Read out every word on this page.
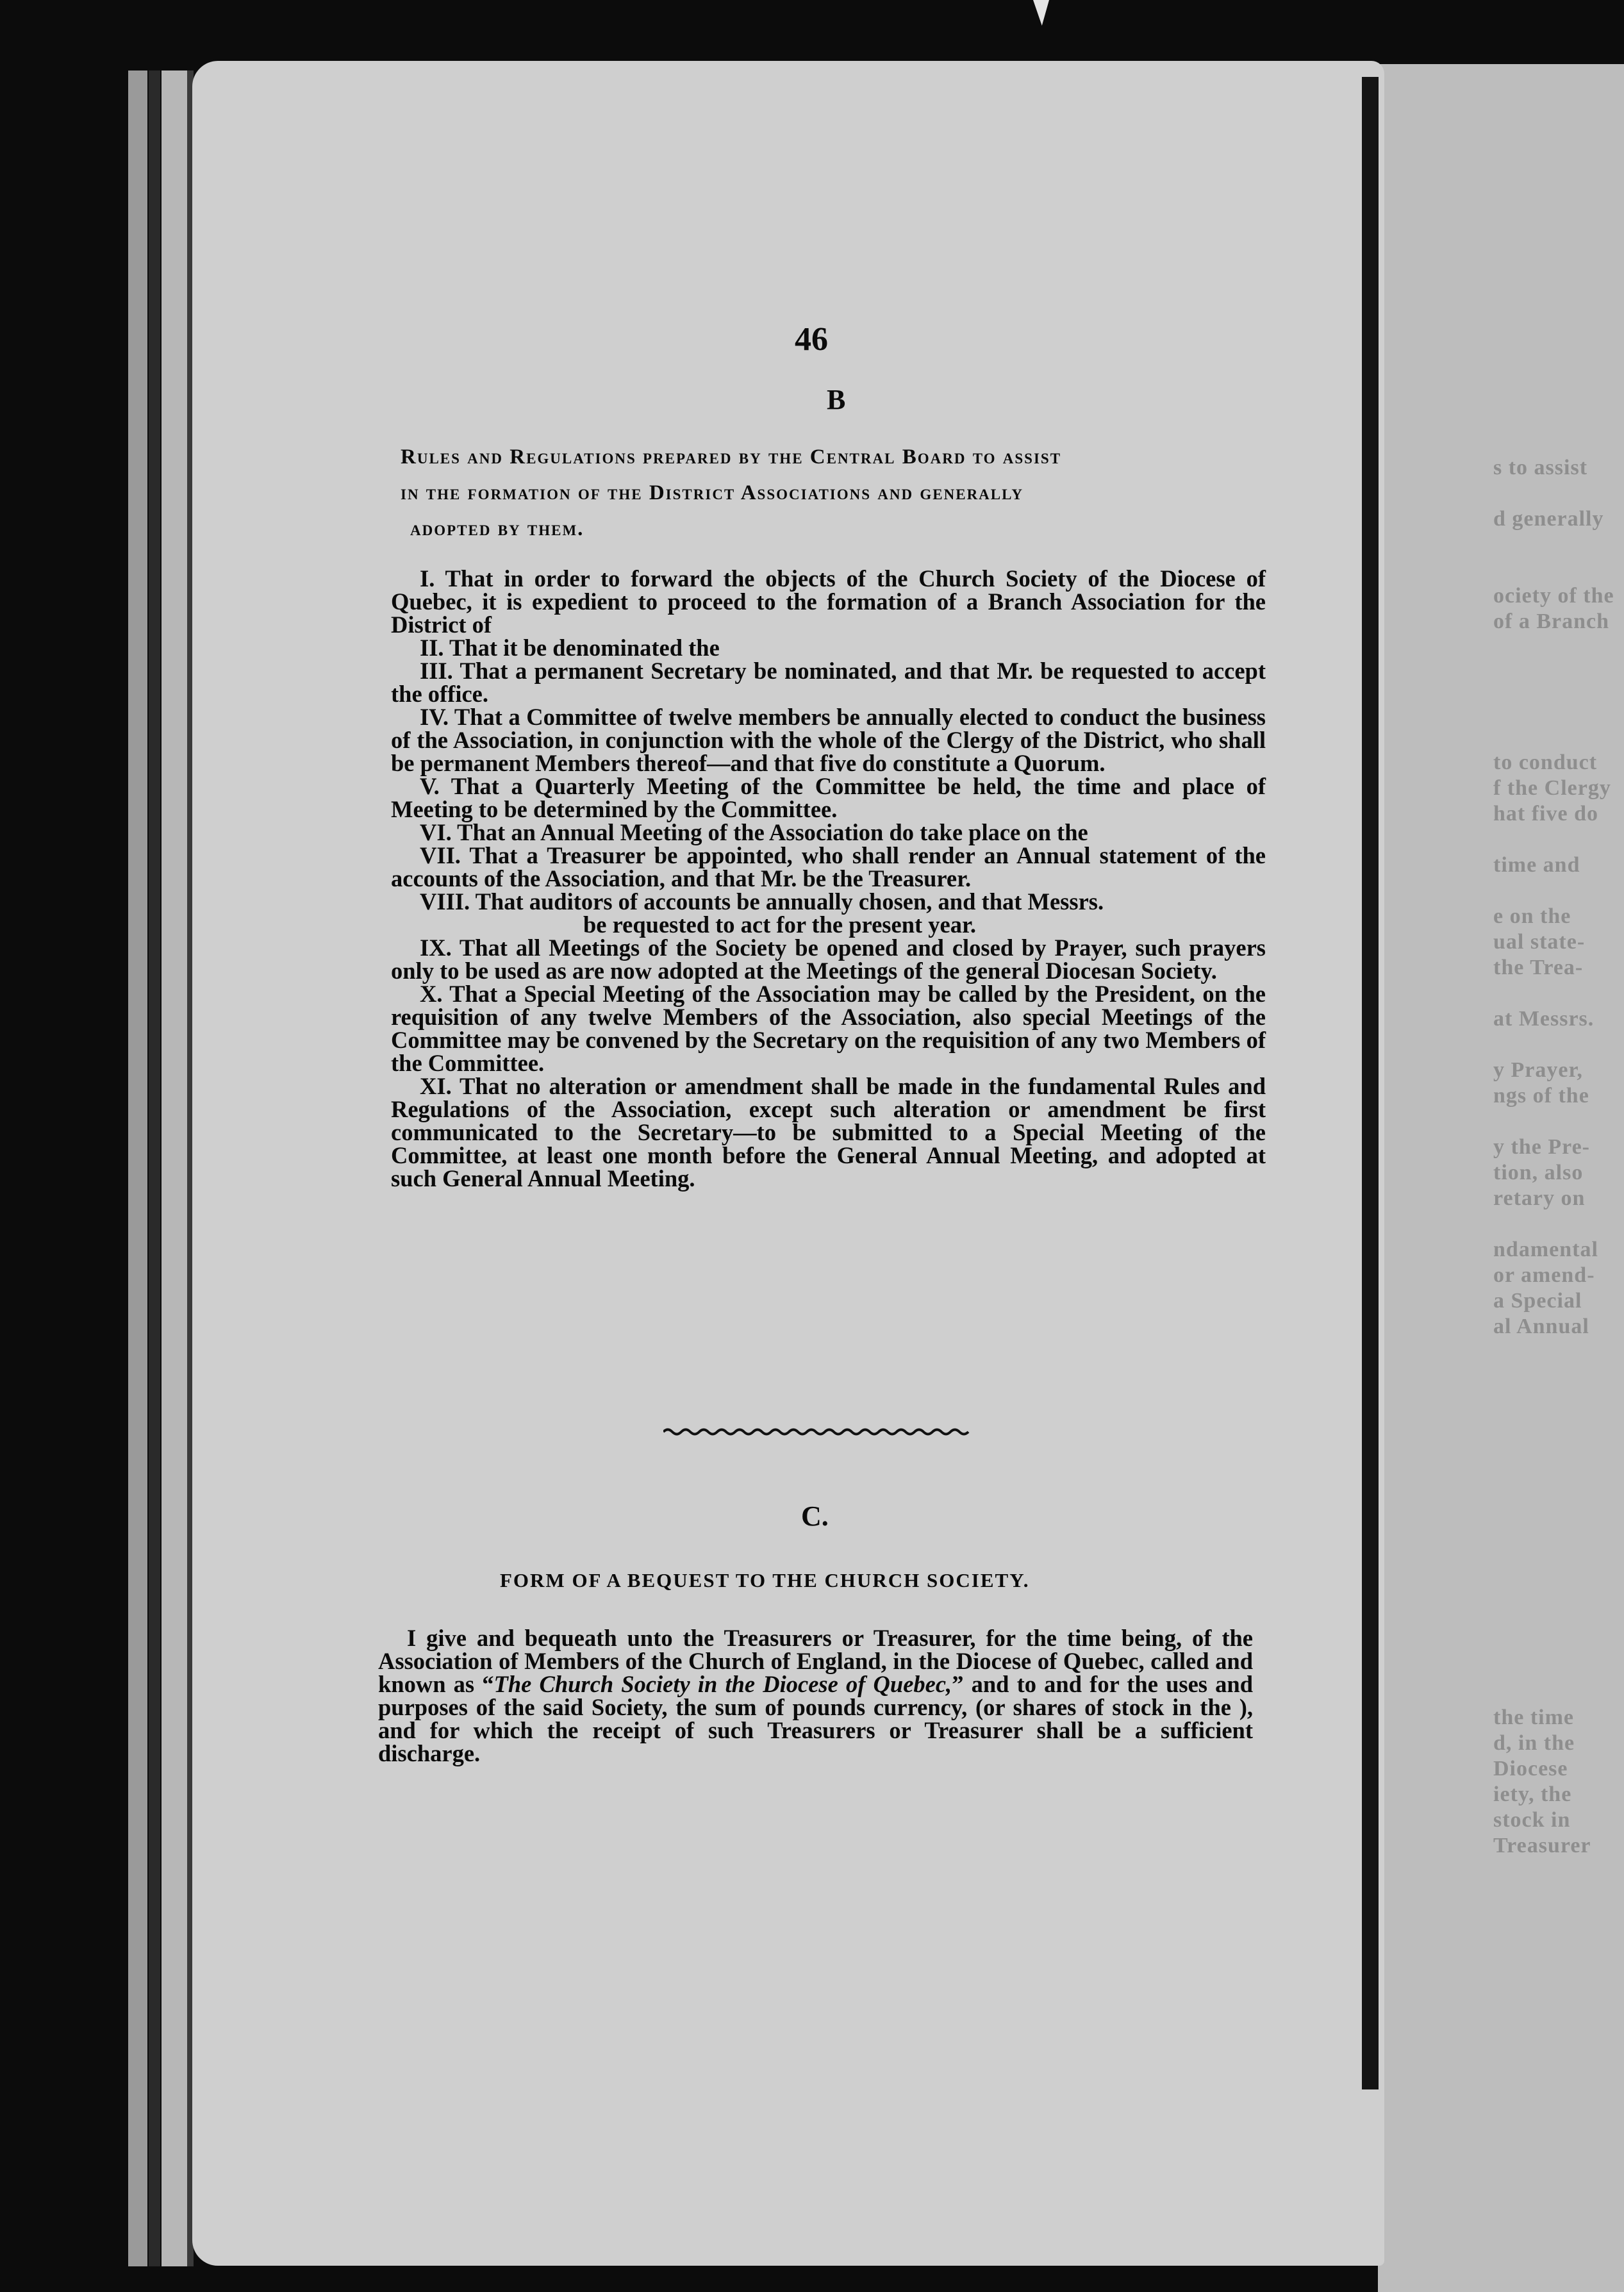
s to assist

d generally
ociety of the
of a Branch
to conduct
f the Clergy
hat five do

time and

e on the
ual state-
the Trea-

at Messrs.

y Prayer,
ngs of the

y the Pre-
tion, also
retary on

ndamental
or amend-
a Special
al Annual
the time
d, in the
Diocese
iety, the
stock in
Treasurer
46
B
Rules and Regulations prepared by the Central Board to assist
in the formation of the District Associations and generally
adopted by them.

I. That in order to forward the objects of the Church Society of the Diocese of Quebec, it is expedient to proceed to the formation of a Branch Association for the District of

II. That it be denominated the

III. That a permanent Secretary be nominated, and that Mr. be requested to accept the office.

IV. That a Committee of twelve members be annually elected to conduct the business of the Association, in conjunction with the whole of the Clergy of the District, who shall be permanent Members thereof—and that five do constitute a Quorum.

V. That a Quarterly Meeting of the Committee be held, the time and place of Meeting to be determined by the Committee.

VI. That an Annual Meeting of the Association do take place on the

VII. That a Treasurer be appointed, who shall render an Annual statement of the accounts of the Association, and that Mr. be the Treasurer.

VIII. That auditors of accounts be annually chosen, and that Messrs.

be requested to act for the present year.

IX. That all Meetings of the Society be opened and closed by Prayer, such prayers only to be used as are now adopted at the Meetings of the general Diocesan Society.

X. That a Special Meeting of the Association may be called by the President, on the requisition of any twelve Members of the Association, also special Meetings of the Committee may be convened by the Secretary on the requisition of any two Members of the Committee.

XI. That no alteration or amendment shall be made in the fundamental Rules and Regulations of the Association, except such alteration or amendment be first communicated to the Secretary—to be submitted to a Special Meeting of the Committee, at least one month before the General Annual Meeting, and adopted at such General Annual Meeting.

C.
FORM OF A BEQUEST TO THE CHURCH SOCIETY.
I give and bequeath unto the Treasurers or Treasurer, for the time being, of the Association of Members of the Church of England, in the Diocese of Quebec, called and known as “The Church Society in the Diocese of Quebec,” and to and for the uses and purposes of the said Society, the sum of pounds currency, (or shares of stock in the ), and for which the receipt of such Treasurers or Treasurer shall be a sufficient discharge.
